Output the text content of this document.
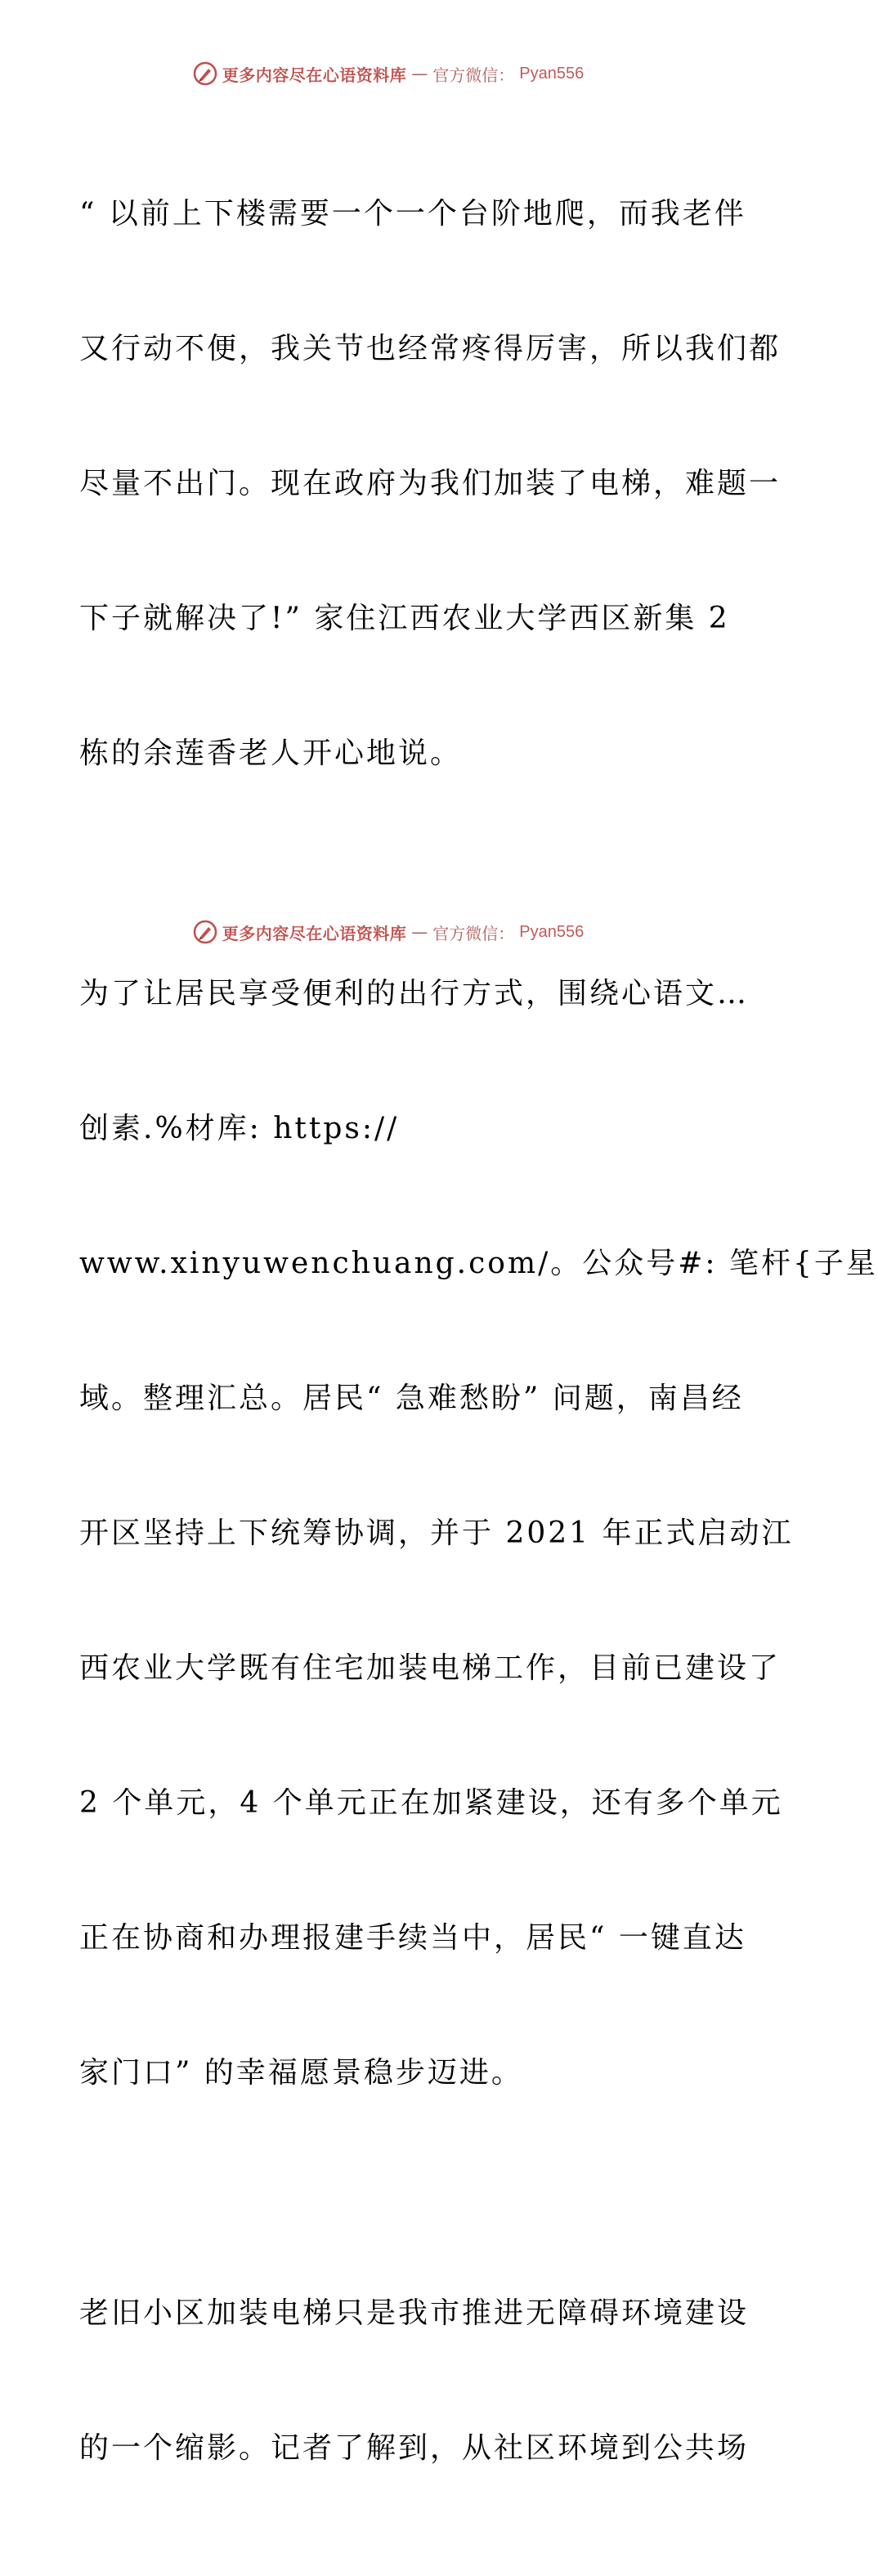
更多内容尽在心语资料库 — 官方微信： Pyan556

“ 以前上下楼需要一个一个台阶地爬，而我老伴

又行动不便，我关节也经常疼得厉害，所以我们都

尽量不出门。现在政府为我们加装了电梯，难题一

下子就解决了!” 家住江西农业大学西区新集 2

栋的余莲香老人开心地说。

为了让居民享受便利的出行方式，围绕心语文…

创素.%材库: https://

www.xinyuwenchuang.com/。公众号#: 笔杆{子星

域。整理汇总。居民“ 急难愁盼” 问题，南昌经

开区坚持上下统筹协调，并于 2021 年正式启动江

西农业大学既有住宅加装电梯工作，目前已建设了

2 个单元，4 个单元正在加紧建设，还有多个单元

正在协商和办理报建手续当中，居民“ 一键直达

家门口” 的幸福愿景稳步迈进。

老旧小区加装电梯只是我市推进无障碍环境建设

的一个缩影。记者了解到，从社区环境到公共场

更多内容尽在心语资料库 — 官方微信： Pyan556
